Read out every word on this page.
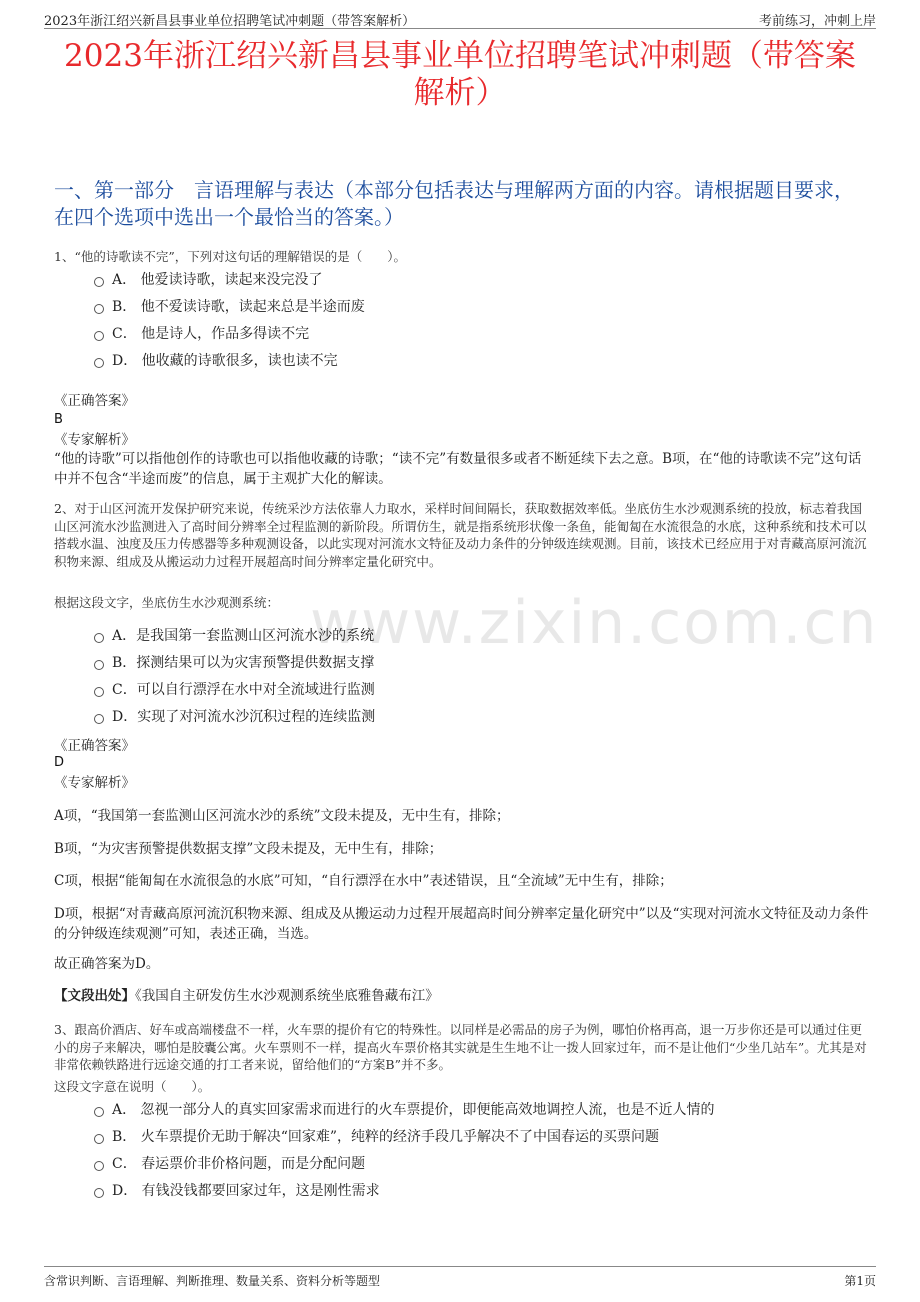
2023年浙江绍兴新昌县事业单位招聘笔试冲刺题（带答案解析）	考前练习，冲刺上岸
2023年浙江绍兴新昌县事业单位招聘笔试冲刺题（带答案解析）
一、第一部分　言语理解与表达（本部分包括表达与理解两方面的内容。请根据题目要求，在四个选项中选出一个最恰当的答案。）
www.zixin.com.cn
1、“他的诗歌读不完”，下列对这句话的理解错误的是（　　）。
A． 他爱读诗歌，读起来没完没了
B． 他不爱读诗歌，读起来总是半途而废
C． 他是诗人，作品多得读不完
D． 他收藏的诗歌很多，读也读不完
《正确答案》
B
《专家解析》
“他的诗歌”可以指他创作的诗歌也可以指他收藏的诗歌；“读不完”有数量很多或者不断延续下去之意。B项，在“他的诗歌读不完”这句话中并不包含“半途而废”的信息，属于主观扩大化的解读。
2、对于山区河流开发保护研究来说，传统采沙方法依靠人力取水，采样时间间隔长，获取数据效率低。坐底仿生水沙观测系统的投放，标志着我国山区河流水沙监测进入了高时间分辨率全过程监测的新阶段。所谓仿生，就是指系统形状像一条鱼，能匍匐在水流很急的水底，这种系统和技术可以搭载水温、浊度及压力传感器等多种观测设备，以此实现对河流水文特征及动力条件的分钟级连续观测。目前，该技术已经应用于对青藏高原河流沉积物来源、组成及从搬运动力过程开展超高时间分辨率定量化研究中。
根据这段文字，坐底仿生水沙观测系统：
A．是我国第一套监测山区河流水沙的系统
B．探测结果可以为灾害预警提供数据支撑
C．可以自行漂浮在水中对全流域进行监测
D．实现了对河流水沙沉积过程的连续监测
《正确答案》
D
《专家解析》
A项，“我国第一套监测山区河流水沙的系统”文段未提及，无中生有，排除；
B项，“为灾害预警提供数据支撑”文段未提及，无中生有，排除；
C项，根据“能匍匐在水流很急的水底”可知，“自行漂浮在水中”表述错误，且“全流域”无中生有，排除；
D项，根据“对青藏高原河流沉积物来源、组成及从搬运动力过程开展超高时间分辨率定量化研究中”以及“实现对河流水文特征及动力条件的分钟级连续观测”可知，表述正确，当选。
故正确答案为D。
【文段出处】《我国自主研发仿生水沙观测系统坐底雅鲁藏布江》
3、跟高价酒店、好车或高端楼盘不一样，火车票的提价有它的特殊性。以同样是必需品的房子为例，哪怕价格再高，退一万步你还是可以通过住更小的房子来解决，哪怕是胶囊公寓。火车票则不一样，提高火车票价格其实就是生生地不让一拨人回家过年，而不是让他们“少坐几站车”。尤其是对非常依赖铁路进行远途交通的打工者来说，留给他们的“方案B”并不多。
这段文字意在说明（　　）。
A． 忽视一部分人的真实回家需求而进行的火车票提价，即便能高效地调控人流，也是不近人情的
B． 火车票提价无助于解决“回家难”，纯粹的经济手段几乎解决不了中国春运的买票问题
C． 春运票价非价格问题，而是分配问题
D． 有钱没钱都要回家过年，这是刚性需求
含常识判断、言语理解、判断推理、数量关系、资料分析等题型	第1页
